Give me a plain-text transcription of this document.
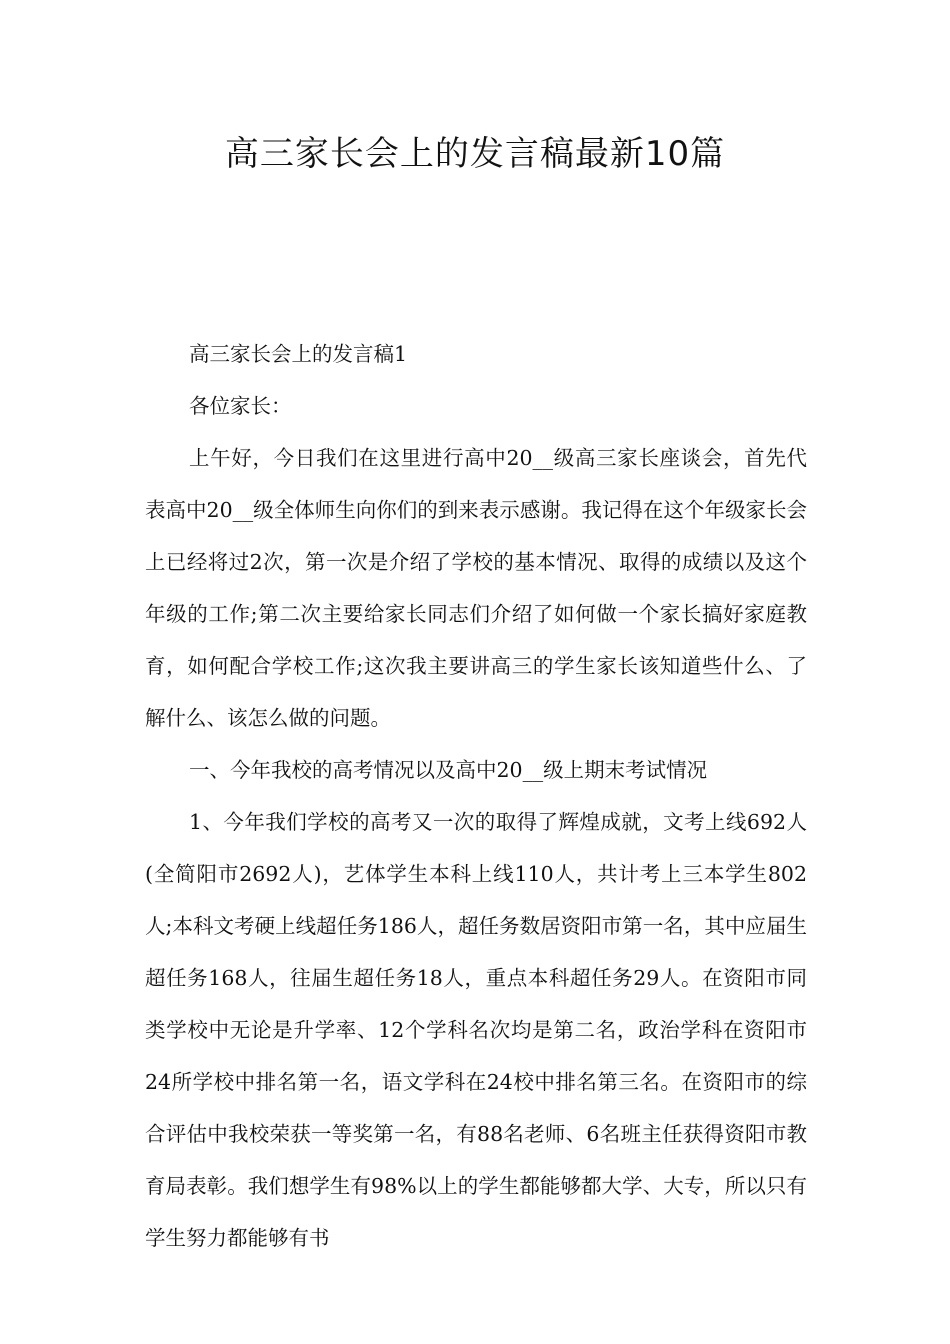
高三家长会上的发言稿最新10篇

高三家长会上的发言稿1

各位家长：

上午好，今日我们在这里进行高中20__级高三家长座谈会，首先代表高中20__级全体师生向你们的到来表示感谢。我记得在这个年级家长会上已经将过2次，第一次是介绍了学校的基本情况、取得的成绩以及这个年级的工作;第二次主要给家长同志们介绍了如何做一个家长搞好家庭教育，如何配合学校工作;这次我主要讲高三的学生家长该知道些什么、了解什么、该怎么做的问题。

一、今年我校的高考情况以及高中20__级上期末考试情况

1、今年我们学校的高考又一次的取得了辉煌成就，文考上线692人(全简阳市2692人)，艺体学生本科上线110人，共计考上三本学生802人;本科文考硬上线超任务186人，超任务数居资阳市第一名，其中应届生超任务168人，往届生超任务18人，重点本科超任务29人。在资阳市同类学校中无论是升学率、12个学科名次均是第二名，政治学科在资阳市24所学校中排名第一名，语文学科在24校中排名第三名。在资阳市的综合评估中我校荣获一等奖第一名，有88名老师、6名班主任获得资阳市教育局表彰。我们想学生有98%以上的学生都能够都大学、大专，所以只有学生努力都能够有书
